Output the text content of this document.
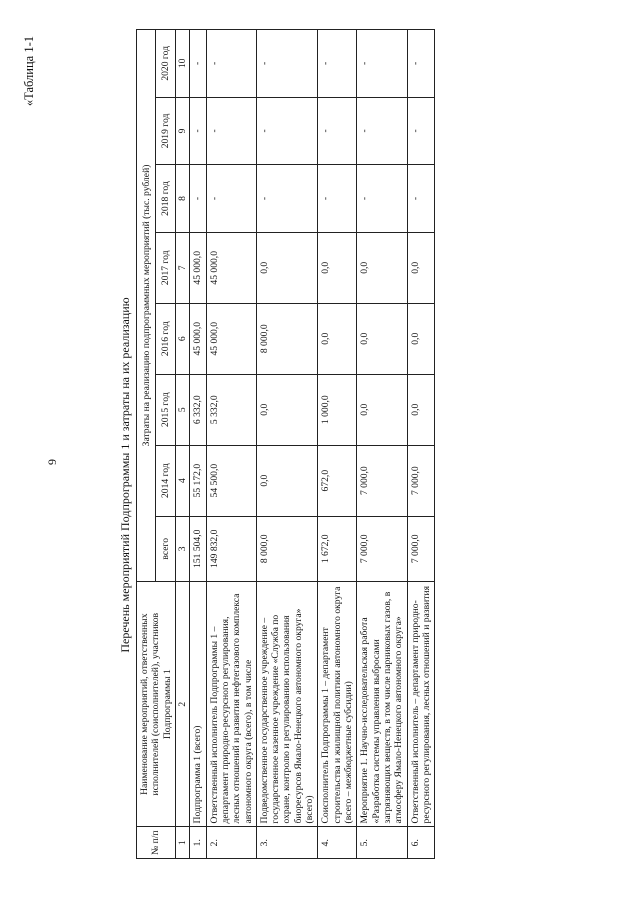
9
«Таблица 1-1
Перечень мероприятий Подпрограммы 1 и затраты на их реализацию
№ п/п	Наименование мероприятий, ответственных исполнителей (соисполнителей), участников Подпрограммы 1	Затраты на реализацию подпрограммных мероприятий (тыс. рублей)							
		всего	2014 год	2015 год	2016 год	2017 год	2018 год	2019 год	2020 год
1	2	3	4	5	6	7	8	9	10
1.	Подпрограмма 1 (всего)	151 504,0	55 172,0	6 332,0	45 000,0	45 000,0	-	-	-
2.	Ответственный исполнитель Подпрограммы 1 – департамент природно-ресурсного регулирования, лесных отношений и развития нефтегазового комплекса автономного округа (всего), в том числе	149 832,0	54 500,0	5 332,0	45 000,0	45 000,0	-	-	-
3.	Подведомственное государственное учреждение – государственное казенное учреждение «Служба по охране, контролю и регулированию использования биоресурсов Ямало-Ненецкого автономного округа» (всего)	8 000,0	0,0	0,0	8 000,0	0,0	-	-	-
4.	Соисполнитель Подпрограммы 1 – департамент строительства и жилищной политики автономного округа (всего – межбюджетные субсидии)	1 672,0	672,0	1 000,0	0,0	0,0	-	-	-
5.	Мероприятие 1. Научно-исследовательская работа «Разработка системы управления выбросами загрязняющих веществ, в том числе парниковых газов, в атмосферу Ямало-Ненецкого автономного округа»	7 000,0	7 000,0	0,0	0,0	0,0	-	-	-
6.	Ответственный исполнитель – департамент природно-ресурсного регулирования, лесных отношений и развития	7 000,0	7 000,0	0,0	0,0	0,0	-	-	-
